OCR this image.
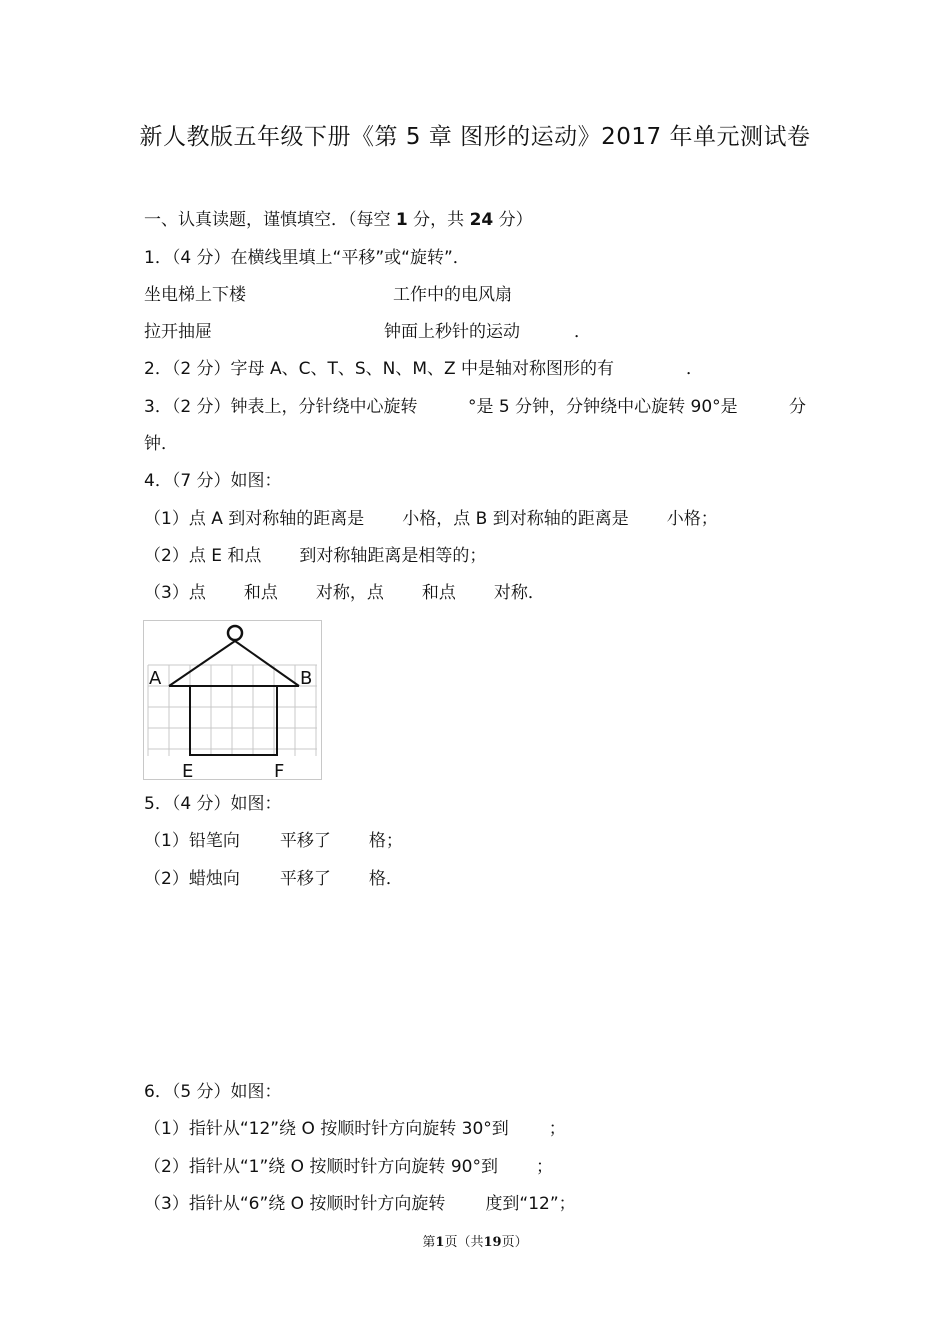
新人教版五年级下册《第 5 章 图形的运动》2017 年单元测试卷
一、认真读题，谨慎填空．（每空 1 分，共 24 分）
1．（4 分）在横线里填上“平移”或“旋转”．
坐电梯上下楼	工作中的电风扇
拉开抽屉	钟面上秒针的运动	．
2．（2 分）字母 A、C、T、S、N、M、Z 中是轴对称图形的有	．
3．（2 分）钟表上，分针绕中心旋转	°是 5 分钟，分钟绕中心旋转 90°是	分
钟．
4．（7 分）如图：
（1）点 A 到对称轴的距离是 小格，点 B 到对称轴的距离是 小格；
（2）点 E 和点 到对称轴距离是相等的；
（3）点 和点 对称，点 和点 对称．
A	B
E	F
O
5．（4 分）如图：
（1）铅笔向 平移了 格；
（2）蜡烛向 平移了 格．
6．（5 分）如图：
（1）指针从“12”绕 O 按顺时针方向旋转 30°到 ；
（2）指针从“1”绕 O 按顺时针方向旋转 90°到 ；
（3）指针从“6”绕 O 按顺时针方向旋转 度到“12”；
第1页（共19页）
